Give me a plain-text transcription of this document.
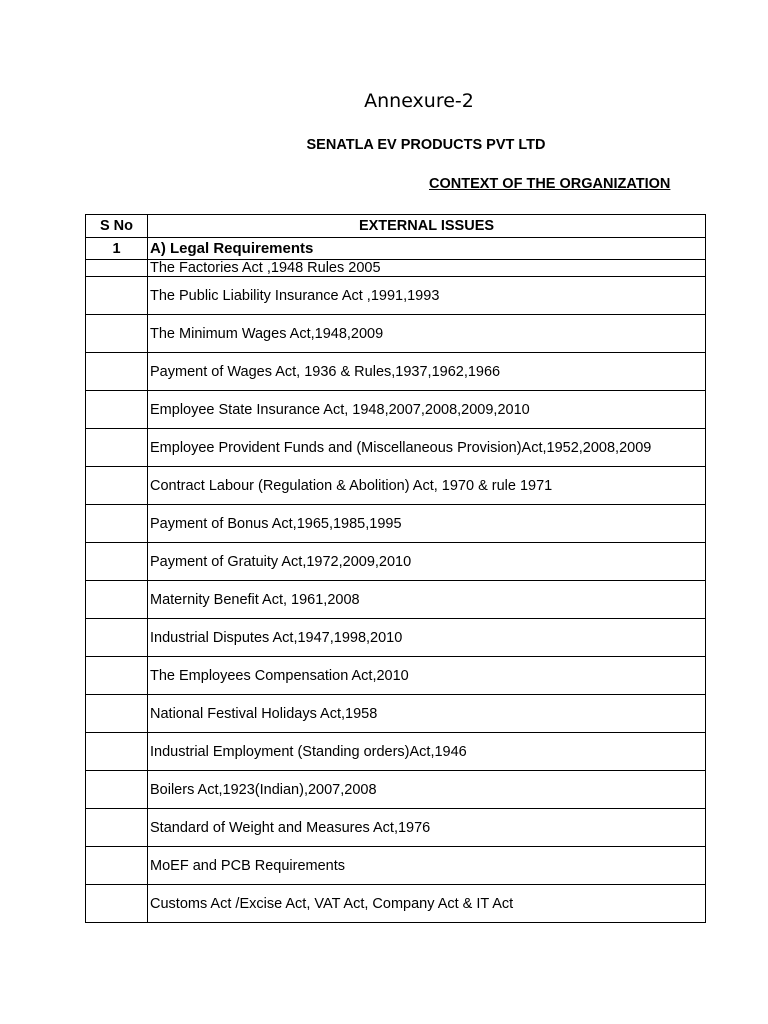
Annexure-2
SENATLA EV PRODUCTS PVT LTD
CONTEXT OF THE ORGANIZATION
S No	EXTERNAL ISSUES
1	A) Legal Requirements
	The Factories Act ,1948 Rules 2005
	The Public Liability Insurance Act ,1991,1993
	The Minimum Wages Act,1948,2009
	Payment of Wages Act, 1936 & Rules,1937,1962,1966
	Employee State Insurance Act, 1948,2007,2008,2009,2010
	Employee Provident Funds and (Miscellaneous Provision)Act,1952,2008,2009
	Contract Labour (Regulation & Abolition) Act, 1970 & rule 1971
	Payment of Bonus Act,1965,1985,1995
	Payment of Gratuity Act,1972,2009,2010
	Maternity Benefit Act, 1961,2008
	Industrial Disputes Act,1947,1998,2010
	The Employees Compensation Act,2010
	National Festival Holidays Act,1958
	Industrial Employment (Standing orders)Act,1946
	Boilers Act,1923(Indian),2007,2008
	Standard of Weight and Measures Act,1976
	MoEF and PCB Requirements
	Customs Act /Excise Act, VAT Act, Company Act & IT Act
